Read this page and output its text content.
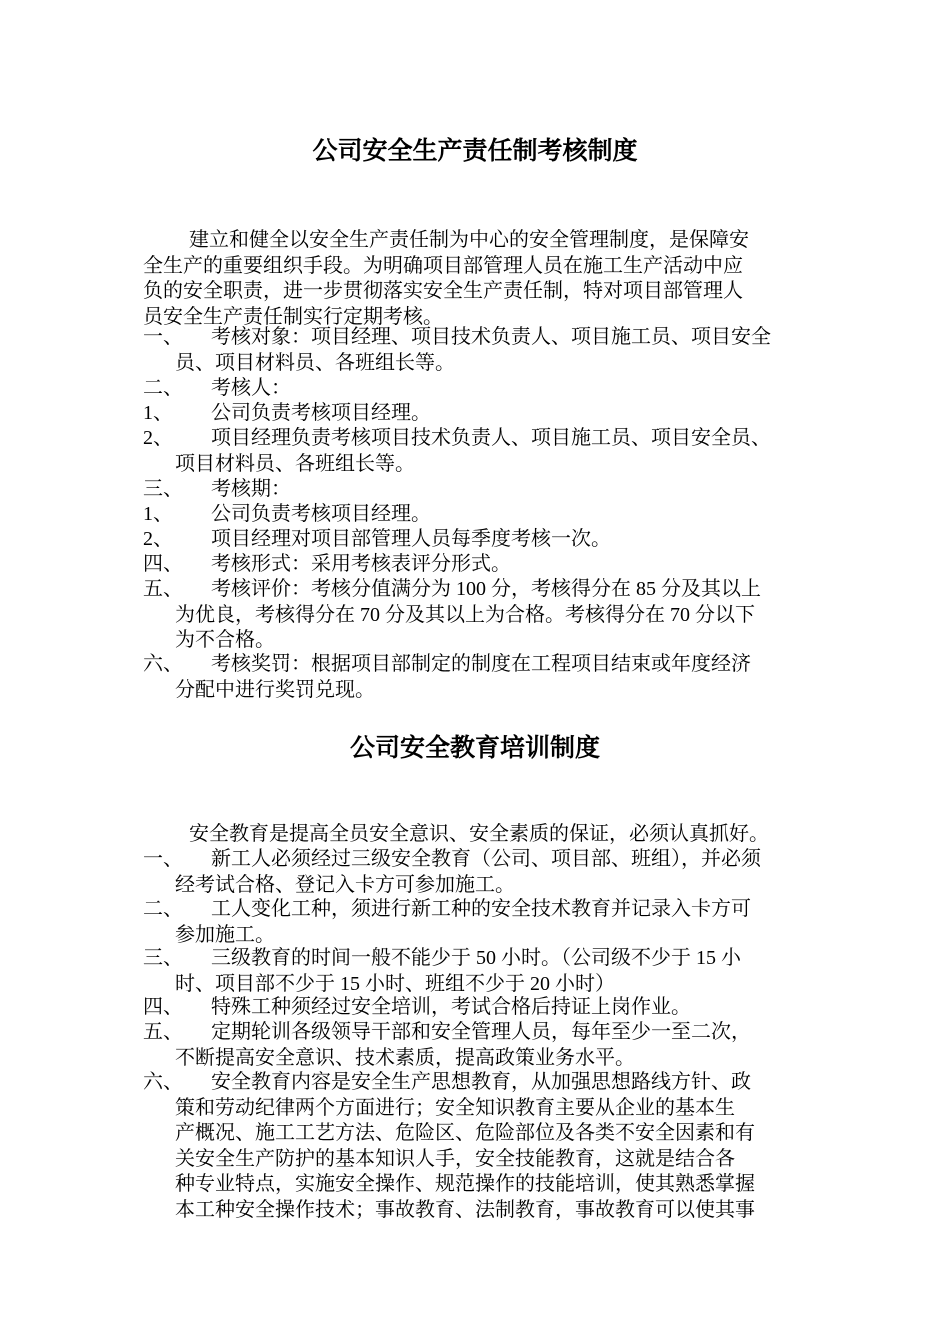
公司安全生产责任制考核制度
建立和健全以安全生产责任制为中心的安全管理制度，是保障安
全生产的重要组织手段。为明确项目部管理人员在施工生产活动中应
负的安全职责，进一步贯彻落实安全生产责任制，特对项目部管理人
员安全生产责任制实行定期考核。
一、 考核对象：项目经理、项目技术负责人、项目施工员、项目安全
员、项目材料员、各班组长等。
二、 考核人：
1、 公司负责考核项目经理。
2、 项目经理负责考核项目技术负责人、项目施工员、项目安全员、
项目材料员、各班组长等。
三、 考核期：
1、 公司负责考核项目经理。
2、 项目经理对项目部管理人员每季度考核一次。
四、 考核形式：采用考核表评分形式。
五、 考核评价：考核分值满分为 100 分，考核得分在 85 分及其以上
为优良，考核得分在 70 分及其以上为合格。考核得分在 70 分以下
为不合格。
六、 考核奖罚：根据项目部制定的制度在工程项目结束或年度经济
分配中进行奖罚兑现。
公司安全教育培训制度
安全教育是提高全员安全意识、安全素质的保证，必须认真抓好。
一、 新工人必须经过三级安全教育（公司、项目部、班组），并必须
经考试合格、登记入卡方可参加施工。
二、 工人变化工种，须进行新工种的安全技术教育并记录入卡方可
参加施工。
三、 三级教育的时间一般不能少于 50 小时。（公司级不少于 15 小
时、项目部不少于 15 小时、班组不少于 20 小时）
四、 特殊工种须经过安全培训，考试合格后持证上岗作业。
五、 定期轮训各级领导干部和安全管理人员，每年至少一至二次，
不断提高安全意识、技术素质，提高政策业务水平。
六、 安全教育内容是安全生产思想教育，从加强思想路线方针、政
策和劳动纪律两个方面进行；安全知识教育主要从企业的基本生
产概况、施工工艺方法、危险区、危险部位及各类不安全因素和有
关安全生产防护的基本知识人手，安全技能教育，这就是结合各
种专业特点，实施安全操作、规范操作的技能培训，使其熟悉掌握
本工种安全操作技术；事故教育、法制教育，事故教育可以使其事
